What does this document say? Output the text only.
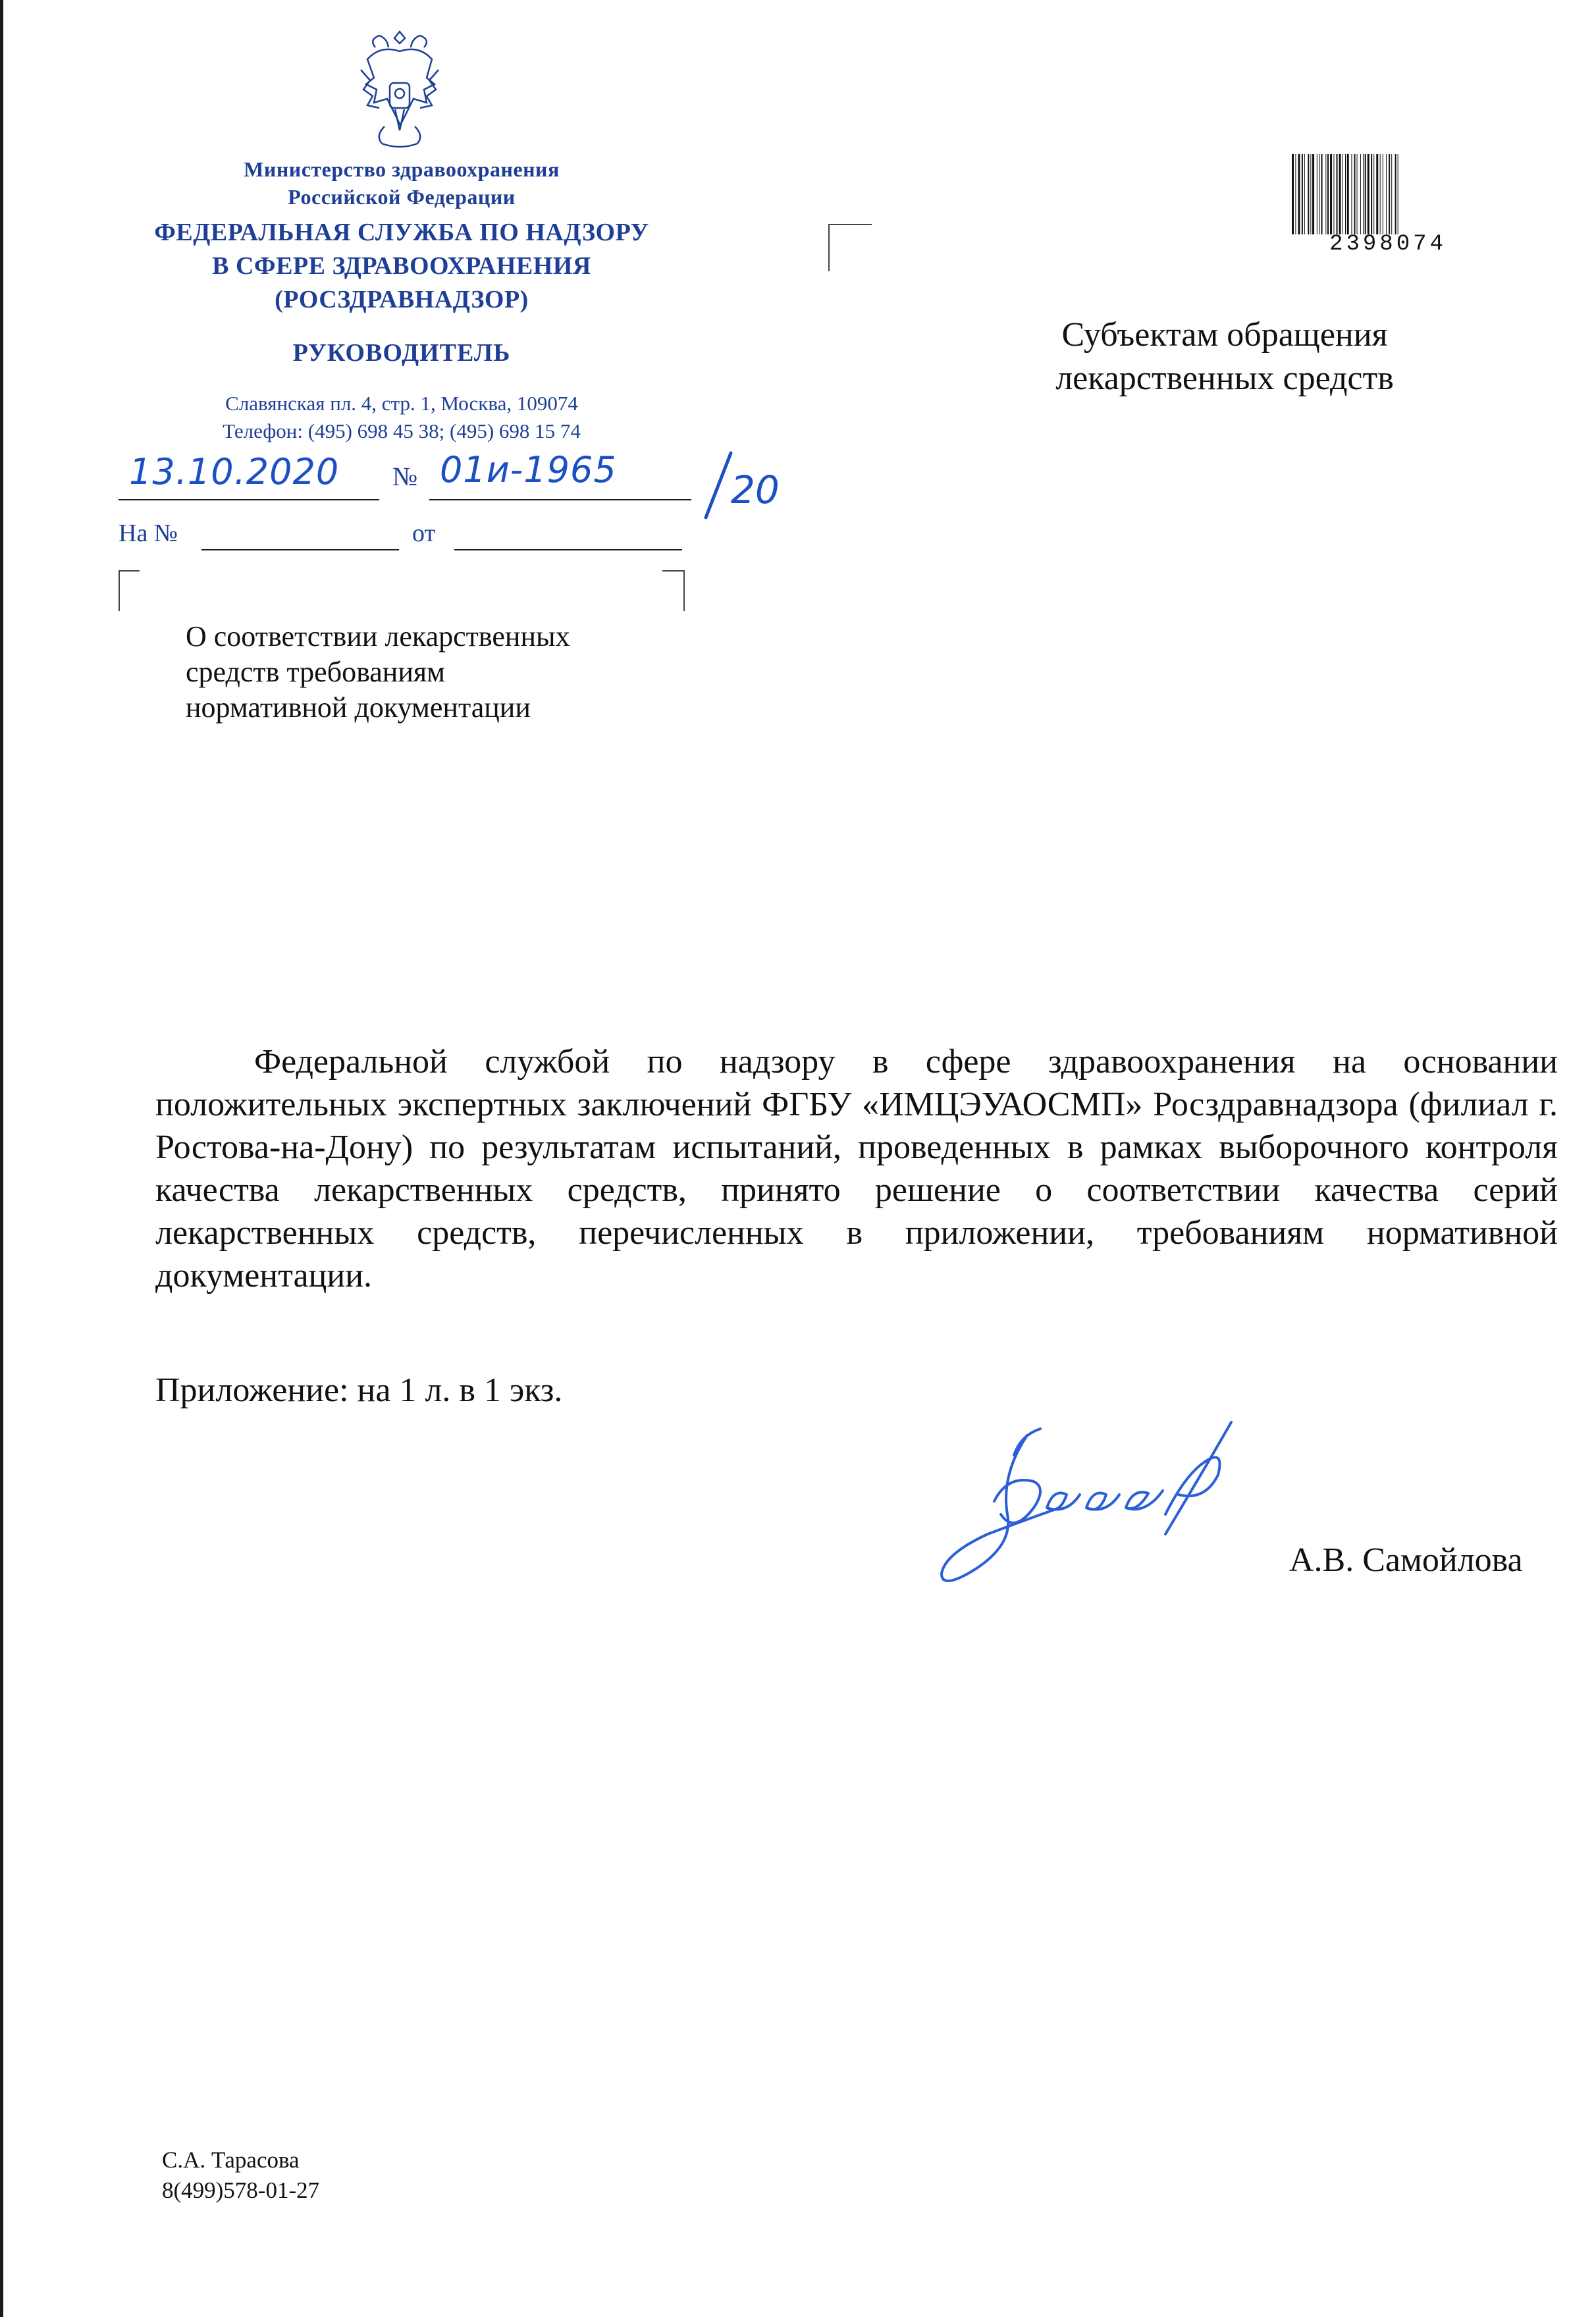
Министерство здравоохранения
Российской Федерации
ФЕДЕРАЛЬНАЯ СЛУЖБА ПО НАДЗОРУ
В СФЕРЕ ЗДРАВООХРАНЕНИЯ
(РОСЗДРАВНАДЗОР)
РУКОВОДИТЕЛЬ
Славянская пл. 4, стр. 1, Москва, 109074
Телефон: (495) 698 45 38; (495) 698 15 74
13.10.2020 № 01и-1965	20
На №	от
О соответствии лекарственных
средств требованиям
нормативной документации
2398074
Субъектам обращения
лекарственных средств
Федеральной службой по надзору в сфере здравоохранения на основании положительных экспертных заключений ФГБУ «ИМЦЭУАОСМП» Росздравнадзора (филиал г. Ростова-на-Дону) по результатам испытаний, проведенных в рамках выборочного контроля качества лекарственных средств, принято решение о соответствии качества серий лекарственных средств, перечисленных в приложении, требованиям нормативной документации.
Приложение: на 1 л. в 1 экз.
А.В. Самойлова
С.А. Тарасова
8(499)578-01-27
